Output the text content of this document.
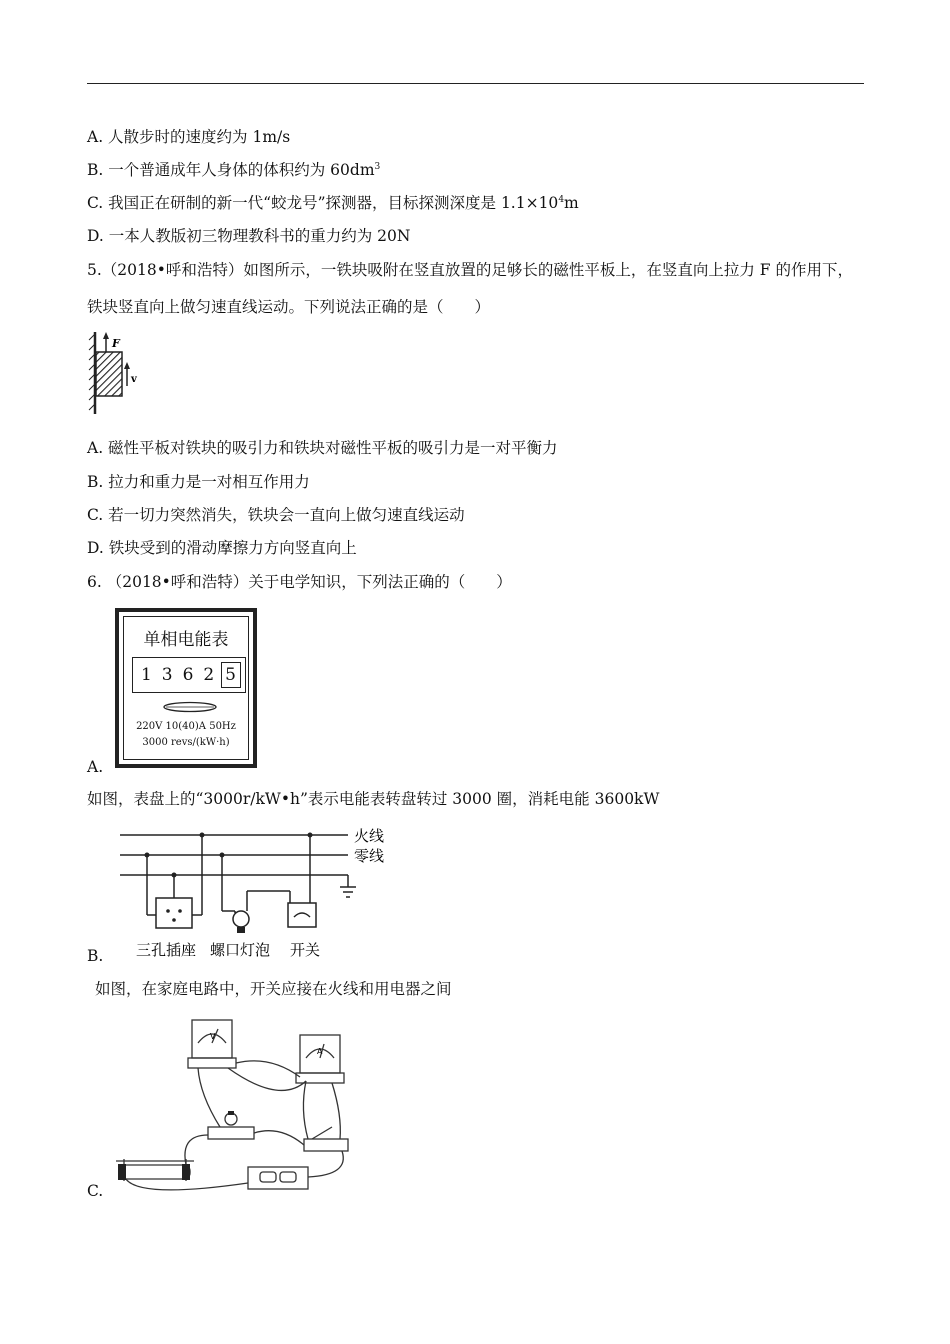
A. 人散步时的速度约为 1m/s
B. 一个普通成年人身体的体积约为 $60dm^3$
C. 我国正在研制的新一代“蛟龙号”探测器，目标探测深度是 $1.1\times 10^4m$
D. 一本人教版初三物理教科书的重力约为 20N
5.（2018•呼和浩特）如图所示，一铁块吸附在竖直放置的足够长的磁性平板上，在竖直向上拉力 F 的作用下，
铁块竖直向上做匀速直线运动。下列说法正确的是（　　）
F
v
A. 磁性平板对铁块的吸引力和铁块对磁性平板的吸引力是一对平衡力
B. 拉力和重力是一对相互作用力
C. 若一切力突然消失，铁块会一直向上做匀速直线运动
D. 铁块受到的滑动摩擦力方向竖直向上
6. （2018•呼和浩特）关于电学知识，下列法正确的（　　）
单相电能表
1 3 6 2 5
220V 10(40)A 50Hz
3000 revs/(kW·h)
A.
如图，表盘上的“3000r/kW•h”表示电能表转盘转过 3000 圈，消耗电能 3600kW
火线
零线
三孔插座 螺口灯泡 开关
B.
如图，在家庭电路中，开关应接在火线和用电器之间
V
A
C.
